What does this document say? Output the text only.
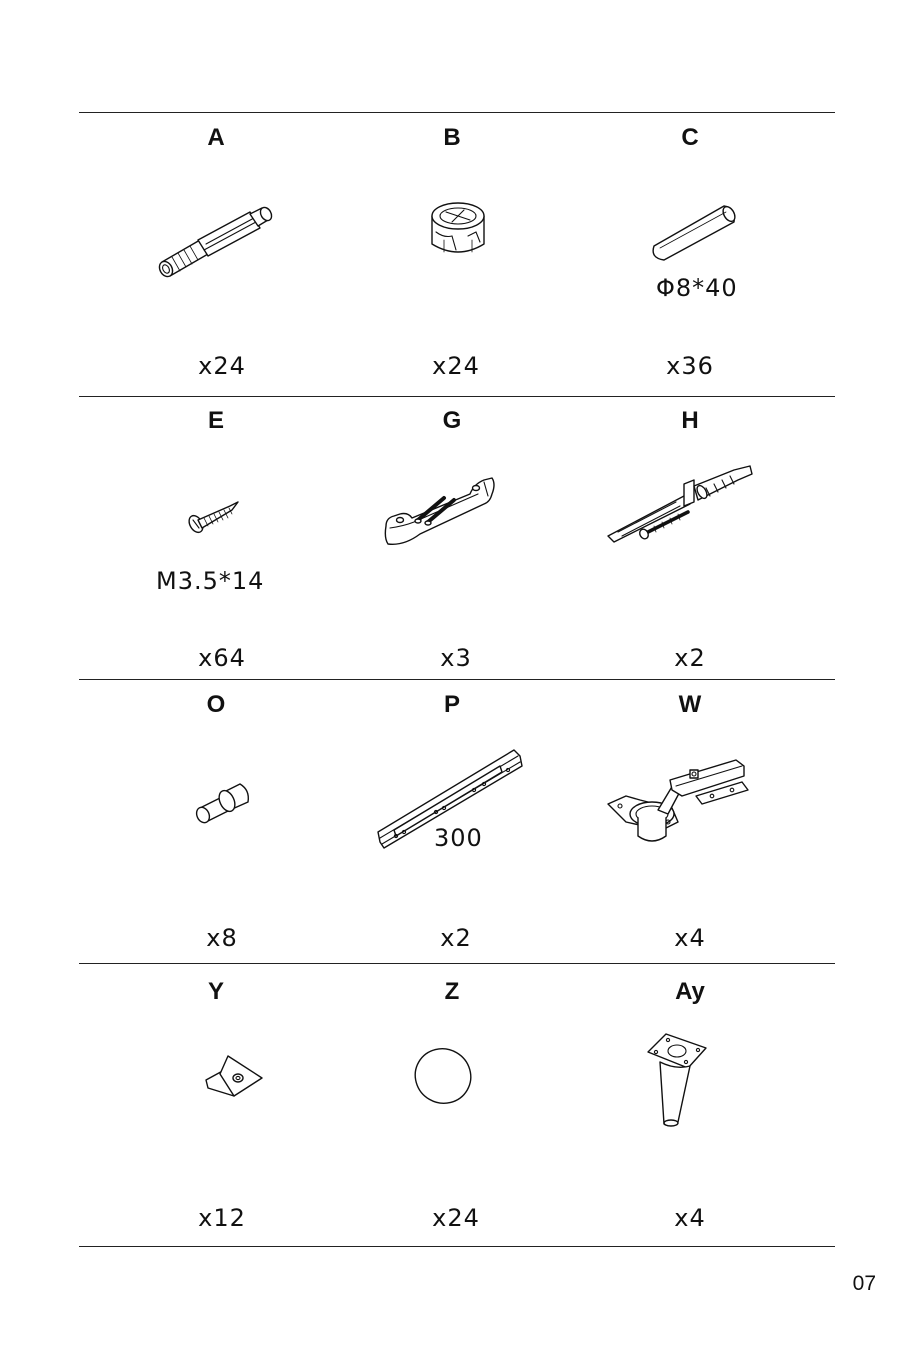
A	B	C
Φ8*40
x24	x24	x36
E	G	H
M3.5*14
x64	x3	x2
O	P	W
300
x8	x2	x4
Y	Z	Ay
x12	x24	x4
07
